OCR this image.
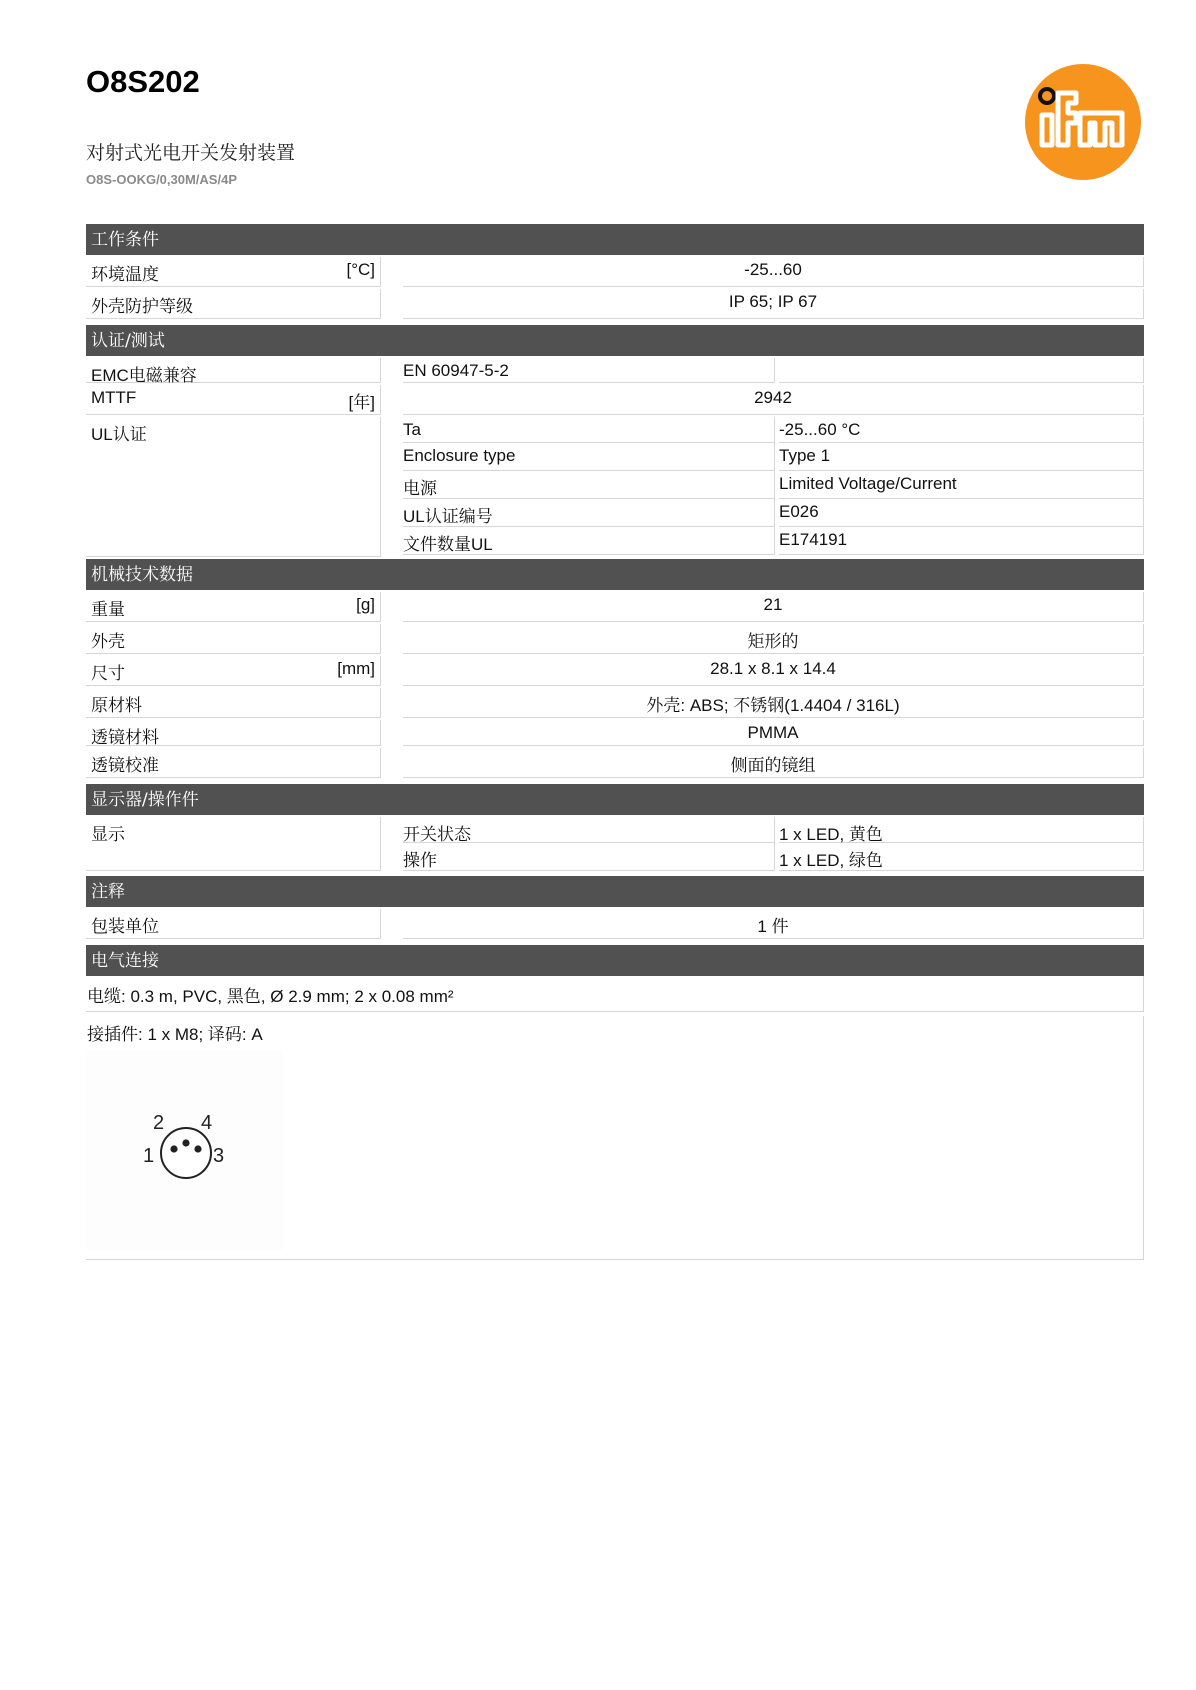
O8S202
对射式光电开关发射装置
O8S-OOKG/0,30M/AS/4P
工作条件
环境温度	[°C]	-25...60
外壳防护等级	IP 65; IP 67
认证/测试
EMC电磁兼容	EN 60947-5-2
MTTF	[年]	2942
UL认证	Ta	-25...60 °C
Enclosure type	Type 1
电源	Limited Voltage/Current
UL认证编号	E026
文件数量UL	E174191
机械技术数据
重量	[g]	21
外壳	矩形的
尺寸	[mm]	28.1 x 8.1 x 14.4
原材料	外壳: ABS; 不锈钢(1.4404 / 316L)
透镜材料	PMMA
透镜校准	侧面的镜组
显示器/操作件
显示	开关状态	1 x LED, 黄色
操作	1 x LED, 绿色
注释
包装单位	1 件
电气连接
电缆: 0.3 m, PVC, 黑色, Ø 2.9 mm; 2 x 0.08 mm²
接插件: 1 x M8; 译码: A
2 4
1	3
